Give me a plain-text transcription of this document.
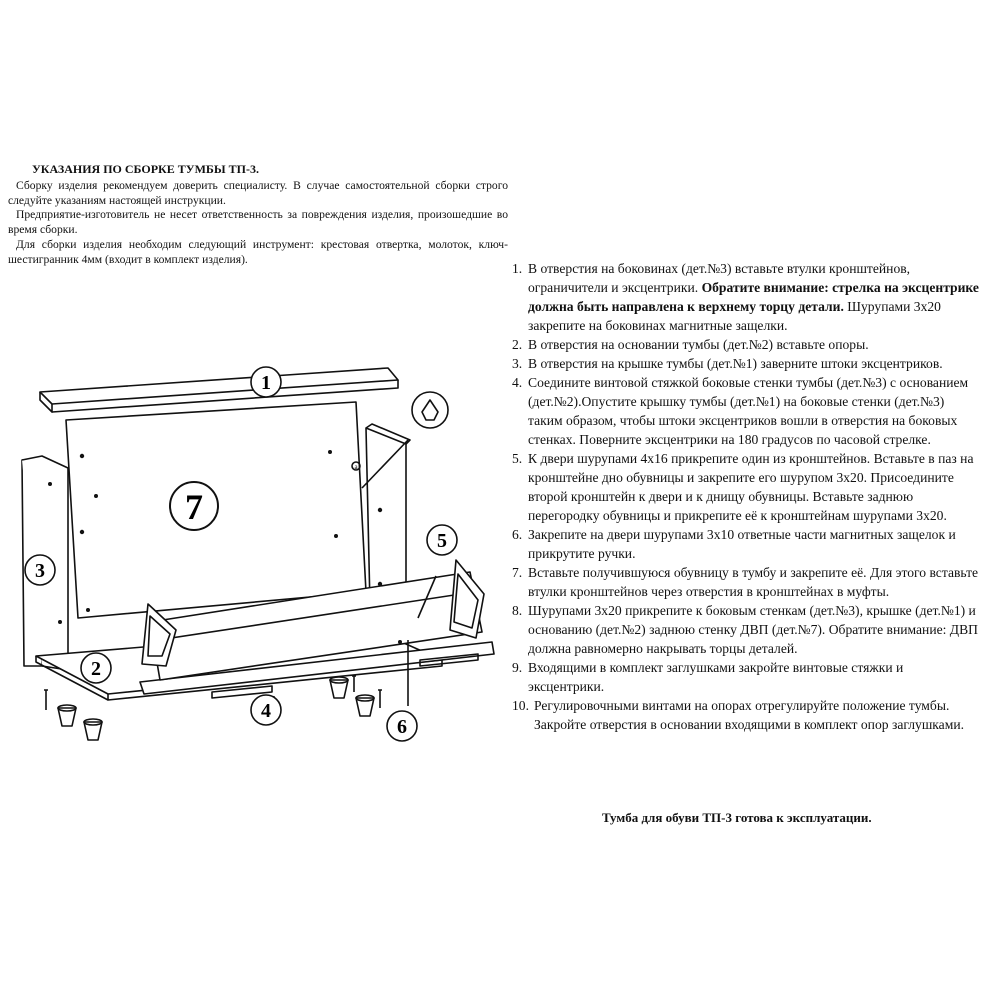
УКАЗАНИЯ ПО СБОРКЕ ТУМБЫ ТП-3.

Сборку изделия рекомендуем доверить специалисту. В случае самостоятельной сборки строго следуйте указаниям настоящей инструкции.

Предприятие-изготовитель не несет ответственность за повреждения изделия, произошедшие во время сборки.

Для сборки изделия необходим следующий инструмент: крестовая отвертка, молоток, ключ-шестигранник 4мм (входит в комплект изделия).

1. В отверстия на боковинах (дет.№3) вставьте втулки кронштейнов, ограничители и эксцентрики. Обратите внимание: стрелка на эксцентрике должна быть направлена к верхнему торцу детали. Шурупами 3х20 закрепите на боковинах магнитные защелки.
2. В отверстия на основании тумбы (дет.№2) вставьте опоры.
3. В отверстия на крышке тумбы (дет.№1) заверните штоки эксцентриков.
4. Соедините винтовой стяжкой боковые стенки тумбы (дет.№3) с основанием (дет.№2).Опустите крышку тумбы (дет.№1) на боковые стенки (дет.№3) таким образом, чтобы штоки эксцентриков вошли в отверстия на боковых стенках. Поверните эксцентрики на 180 градусов по часовой стрелке.
5. К двери шурупами 4х16 прикрепите один из кронштейнов. Вставьте в паз на кронштейне дно обувницы и закрепите его шурупом 3х20. Присоедините второй кронштейн к двери и к днищу обувницы. Вставьте заднюю перегородку обувницы и прикрепите её к кронштейнам шурупами 3х20.
6. Закрепите на двери шурупами 3х10 ответные части магнитных защелок и прикрутите ручки.
7. Вставьте получившуюся обувницу в тумбу и закрепите её. Для этого вставьте втулки кронштейнов через отверстия в кронштейнах в муфты.
8. Шурупами 3х20 прикрепите к боковым стенкам (дет.№3), крышке (дет.№1) и основанию (дет.№2) заднюю стенку ДВП (дет.№7). Обратите внимание: ДВП должна равномерно накрывать торцы деталей.
9. Входящими в комплект заглушками закройте винтовые стяжки и эксцентрики.
10. Регулировочными винтами на опорах отрегулируйте положение тумбы. Закройте отверстия в основании входящими в комплект опор заглушками.
Тумба для обуви ТП-3 готова к эксплуатации.
1
7
3
2
4
5
6
а
